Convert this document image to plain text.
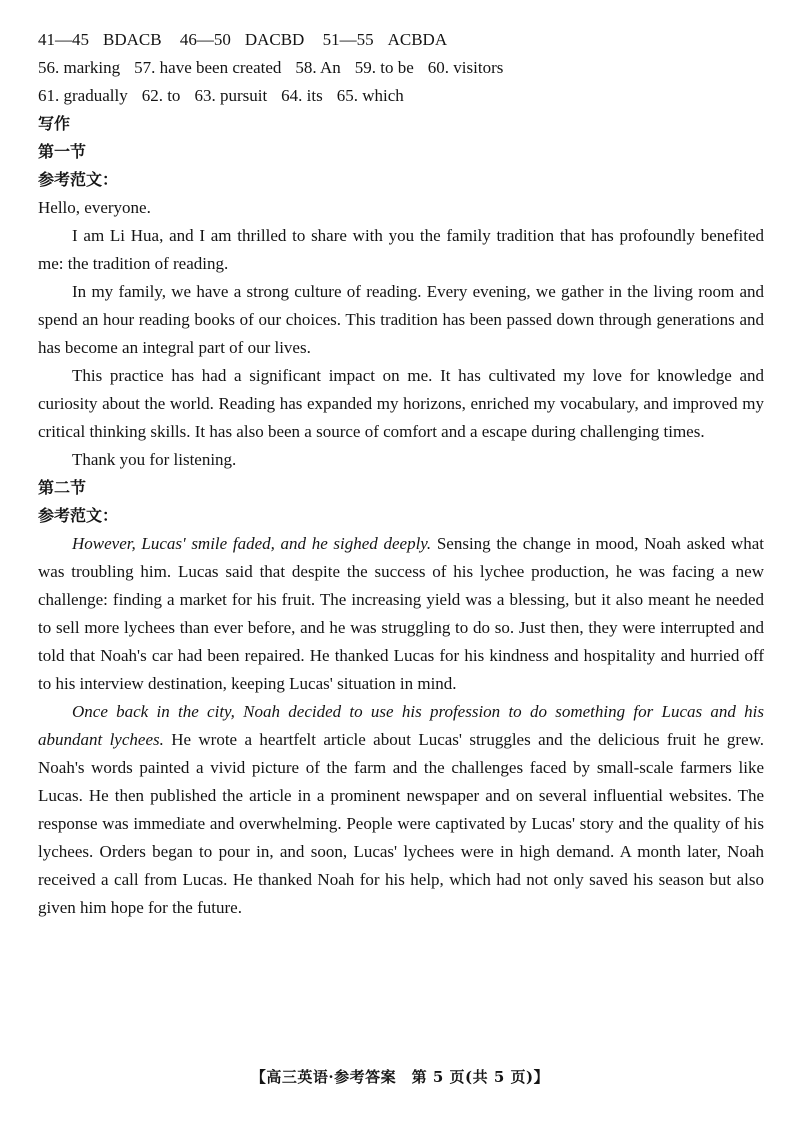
41—45 BDACB 46—50 DACBD 51—55 ACBDA
56. marking 57. have been created 58. An 59. to be 60. visitors
61. gradually 62. to 63. pursuit 64. its 65. which
写作
第一节
参考范文：

Hello, everyone.

I am Li Hua, and I am thrilled to share with you the family tradition that has profoundly benefited me: the tradition of reading.

In my family, we have a strong culture of reading. Every evening, we gather in the living room and spend an hour reading books of our choices. This tradition has been passed down through generations and has become an integral part of our lives.

This practice has had a significant impact on me. It has cultivated my love for knowledge and curiosity about the world. Reading has expanded my horizons, enriched my vocabulary, and improved my critical thinking skills. It has also been a source of comfort and a escape during challenging times.

Thank you for listening.

第二节
参考范文：

However, Lucas' smile faded, and he sighed deeply. Sensing the change in mood, Noah asked what was troubling him. Lucas said that despite the success of his lychee production, he was facing a new challenge: finding a market for his fruit. The increasing yield was a blessing, but it also meant he needed to sell more lychees than ever before, and he was struggling to do so. Just then, they were interrupted and told that Noah's car had been repaired. He thanked Lucas for his kindness and hospitality and hurried off to his interview destination, keeping Lucas' situation in mind.

Once back in the city, Noah decided to use his profession to do something for Lucas and his abundant lychees. He wrote a heartfelt article about Lucas' struggles and the delicious fruit he grew. Noah's words painted a vivid picture of the farm and the challenges faced by small-scale farmers like Lucas. He then published the article in a prominent newspaper and on several influential websites. The response was immediate and overwhelming. People were captivated by Lucas' story and the quality of his lychees. Orders began to pour in, and soon, Lucas' lychees were in high demand. A month later, Noah received a call from Lucas. He thanked Noah for his help, which had not only saved his season but also given him hope for the future.

【高三英语·参考答案　第 5 页(共 5 页)】
